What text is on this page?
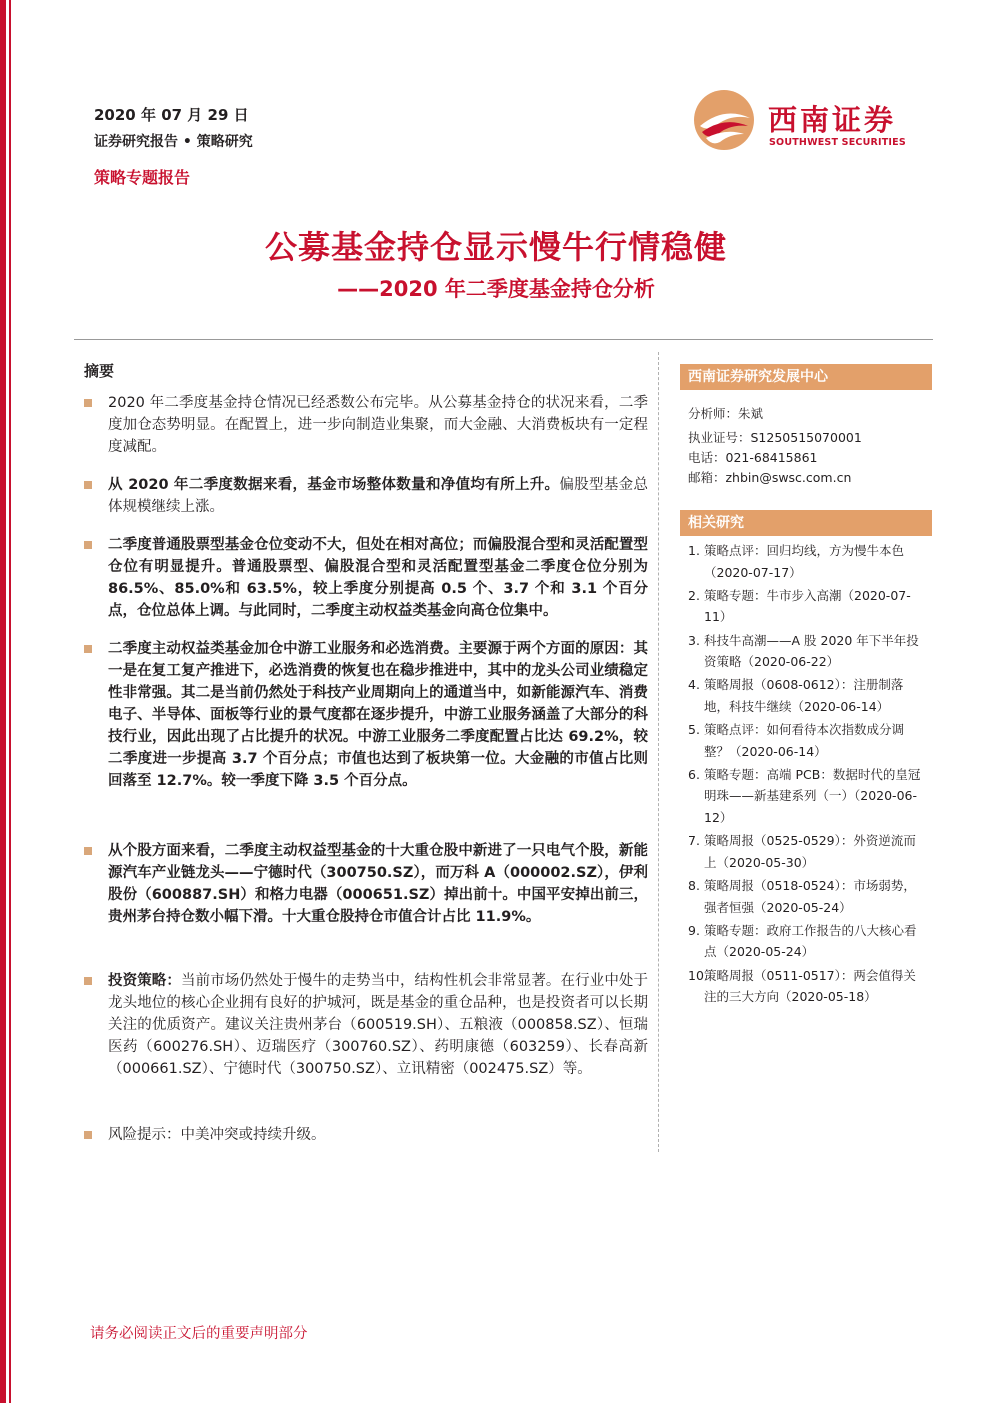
2020 年 07 月 29 日
证券研究报告 • 策略研究
策略专题报告
西南证券
SOUTHWEST SECURITIES
公募基金持仓显示慢牛行情稳健
——2020 年二季度基金持仓分析
摘要
2020 年二季度基金持仓情况已经悉数公布完毕。从公募基金持仓的状况来看，二季度加仓态势明显。在配置上，进一步向制造业集聚，而大金融、大消费板块有一定程度减配。
从 2020 年二季度数据来看，基金市场整体数量和净值均有所上升。偏股型基金总体规模继续上涨。
二季度普通股票型基金仓位变动不大，但处在相对高位；而偏股混合型和灵活配置型仓位有明显提升。普通股票型、偏股混合型和灵活配置型基金二季度仓位分别为 86.5%、85.0%和 63.5%，较上季度分别提高 0.5 个、3.7 个和 3.1 个百分点，仓位总体上调。与此同时，二季度主动权益类基金向高仓位集中。
二季度主动权益类基金加仓中游工业服务和必选消费。主要源于两个方面的原因：其一是在复工复产推进下，必选消费的恢复也在稳步推进中，其中的龙头公司业绩稳定性非常强。其二是当前仍然处于科技产业周期向上的通道当中，如新能源汽车、消费电子、半导体、面板等行业的景气度都在逐步提升，中游工业服务涵盖了大部分的科技行业，因此出现了占比提升的状况。中游工业服务二季度配置占比达 69.2%，较二季度进一步提高 3.7 个百分点；市值也达到了板块第一位。大金融的市值占比则回落至 12.7%。较一季度下降 3.5 个百分点。
从个股方面来看，二季度主动权益型基金的十大重仓股中新进了一只电气个股，新能源汽车产业链龙头——宁德时代（300750.SZ），而万科 A（000002.SZ），伊利股份（600887.SH）和格力电器（000651.SZ）掉出前十。中国平安掉出前三，贵州茅台持仓数小幅下滑。十大重仓股持仓市值合计占比 11.9%。
投资策略：当前市场仍然处于慢牛的走势当中，结构性机会非常显著。在行业中处于龙头地位的核心企业拥有良好的护城河，既是基金的重仓品种，也是投资者可以长期关注的优质资产。建议关注贵州茅台（600519.SH）、五粮液（000858.SZ）、恒瑞医药（600276.SH）、迈瑞医疗（300760.SZ）、药明康德（603259）、长春高新（000661.SZ）、宁德时代（300750.SZ）、立讯精密（002475.SZ）等。
风险提示：中美冲突或持续升级。
西南证券研究发展中心
分析师：朱斌
执业证号：S1250515070001
电话：021-68415861
邮箱：zhbin@swsc.com.cn
相关研究
1. 策略点评：回归均线，方为慢牛本色（2020-07-17）
2. 策略专题：牛市步入高潮（2020-07-11）
3. 科技牛高潮——A 股 2020 年下半年投资策略（2020-06-22）
4. 策略周报（0608-0612）：注册制落地，科技牛继续（2020-06-14）
5. 策略点评：如何看待本次指数成分调整？（2020-06-14）
6. 策略专题：高端 PCB：数据时代的皇冠明珠——新基建系列（一）（2020-06-12）
7. 策略周报（0525-0529）：外资逆流而上（2020-05-30）
8. 策略周报（0518-0524）：市场弱势，强者恒强（2020-05-24）
9. 策略专题：政府工作报告的八大核心看点（2020-05-24）
10.
策略周报（0511-0517）：两会值得关注的三大方向（2020-05-18）
请务必阅读正文后的重要声明部分
